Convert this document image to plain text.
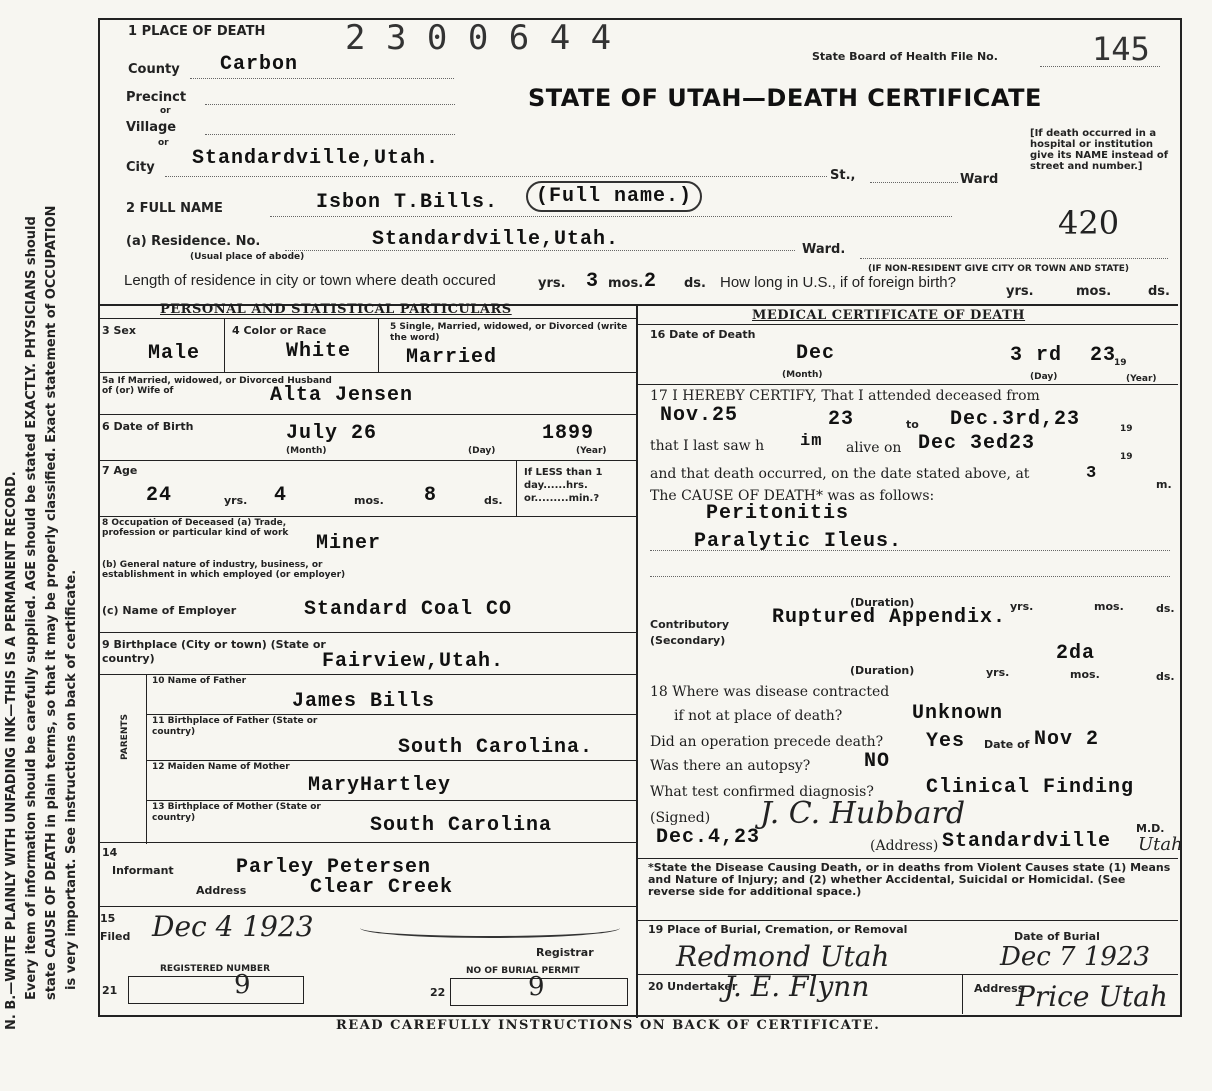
N. B.—WRITE PLAINLY WITH UNFADING INK—THIS IS A PERMANENT RECORD. Every item of information should be carefully supplied. AGE should be stated EXACTLY. PHYSICIANS should state CAUSE OF DEATH in plain terms, so that it may be properly classified. Exact statement of OCCUPATION is very important. See instructions on back of certificate.
1 PLACE OF DEATH 2 3 0 0 6 4 4	State Board of Health File No.	145
County Carbon
STATE OF UTAH—DEATH CERTIFICATE
Precinct
or
Village
or
City Standardville,Utah.
St.,	Ward
[If death occurred in a hospital or institution give its NAME instead of street and number.]
420
2 FULL NAME	Isbon T.Bills.	(Full name.)
(a) Residence. No.	Standardville,Utah.
(Usual place of abode)	Ward.
(IF NON-RESIDENT GIVE CITY OR TOWN AND STATE)
Length of residence in city or town where death occured	yrs. 3 mos. 2 ds. How long in U.S., if of foreign birth?
yrs.	mos.	ds.
PERSONAL AND STATISTICAL PARTICULARS
3 Sex
Male
4 Color or Race
White
5 Single, Married, widowed, or Divorced (write the word)
Married
5a If Married, widowed, or Divorced Husband of (or) Wife of	Alta Jensen
6 Date of Birth	July 26	1899
(Month)	(Day)	(Year)
7 Age
24	yrs. 4	mos. 8	ds.
If LESS than 1 day......hrs. or.........min.?
8 Occupation of Deceased (a) Trade, profession or particular kind of work	Miner
(b) General nature of industry, business, or establishment in which employed (or employer)
(c) Name of Employer	Standard Coal CO
9 Birthplace (City or town) (State or country)	Fairview,Utah.
PARENTS
10 Name of Father
James Bills
11 Birthplace of Father (State or country)
South Carolina.
12 Maiden Name of Mother
MaryHartley
13 Birthplace of Mother (State or country)	South Carolina
14
Informant	Parley Petersen
Address	Clear Creek
15
Filed Dec 4 1923
Registrar
REGISTERED NUMBER	NO OF BURIAL PERMIT
21	9	22	9
MEDICAL CERTIFICATE OF DEATH
16 Date of Death
Dec	3 rd 23
19
(Month)	(Day)	(Year)
17 I HEREBY CERTIFY, That I attended deceased from
Nov.25	23	to Dec.3rd,23	19
that I last saw h im alive on Dec 3ed23
19
and that death occurred, on the date stated above, at	3
m.
The CAUSE OF DEATH* was as follows:
Peritonitis
Paralytic Ileus.
(Duration)	yrs.	mos.	ds.
Contributory
(Secondary)
Ruptured Appendix.
2da
(Duration)	yrs.	mos.	ds.
18 Where was disease contracted
if not at place of death?	Unknown
Did an operation precede death? Yes Date of Nov 2
Was there an autopsy?	NO
What test confirmed diagnosis?	Clinical Finding
(Signed) J. C. Hubbard	M.D.
Dec.4,23	(Address) Standardville Utah
*State the Disease Causing Death, or in deaths from Violent Causes state (1) Means and Nature of Injury; and (2) whether Accidental, Suicidal or Homicidal. (See reverse side for additional space.)
19 Place of Burial, Cremation, or Removal
Date of Burial
Redmond Utah	Dec 7 1923
20 Undertaker
J. E. Flynn	Address
Price Utah
READ CAREFULLY INSTRUCTIONS ON BACK OF CERTIFICATE.
